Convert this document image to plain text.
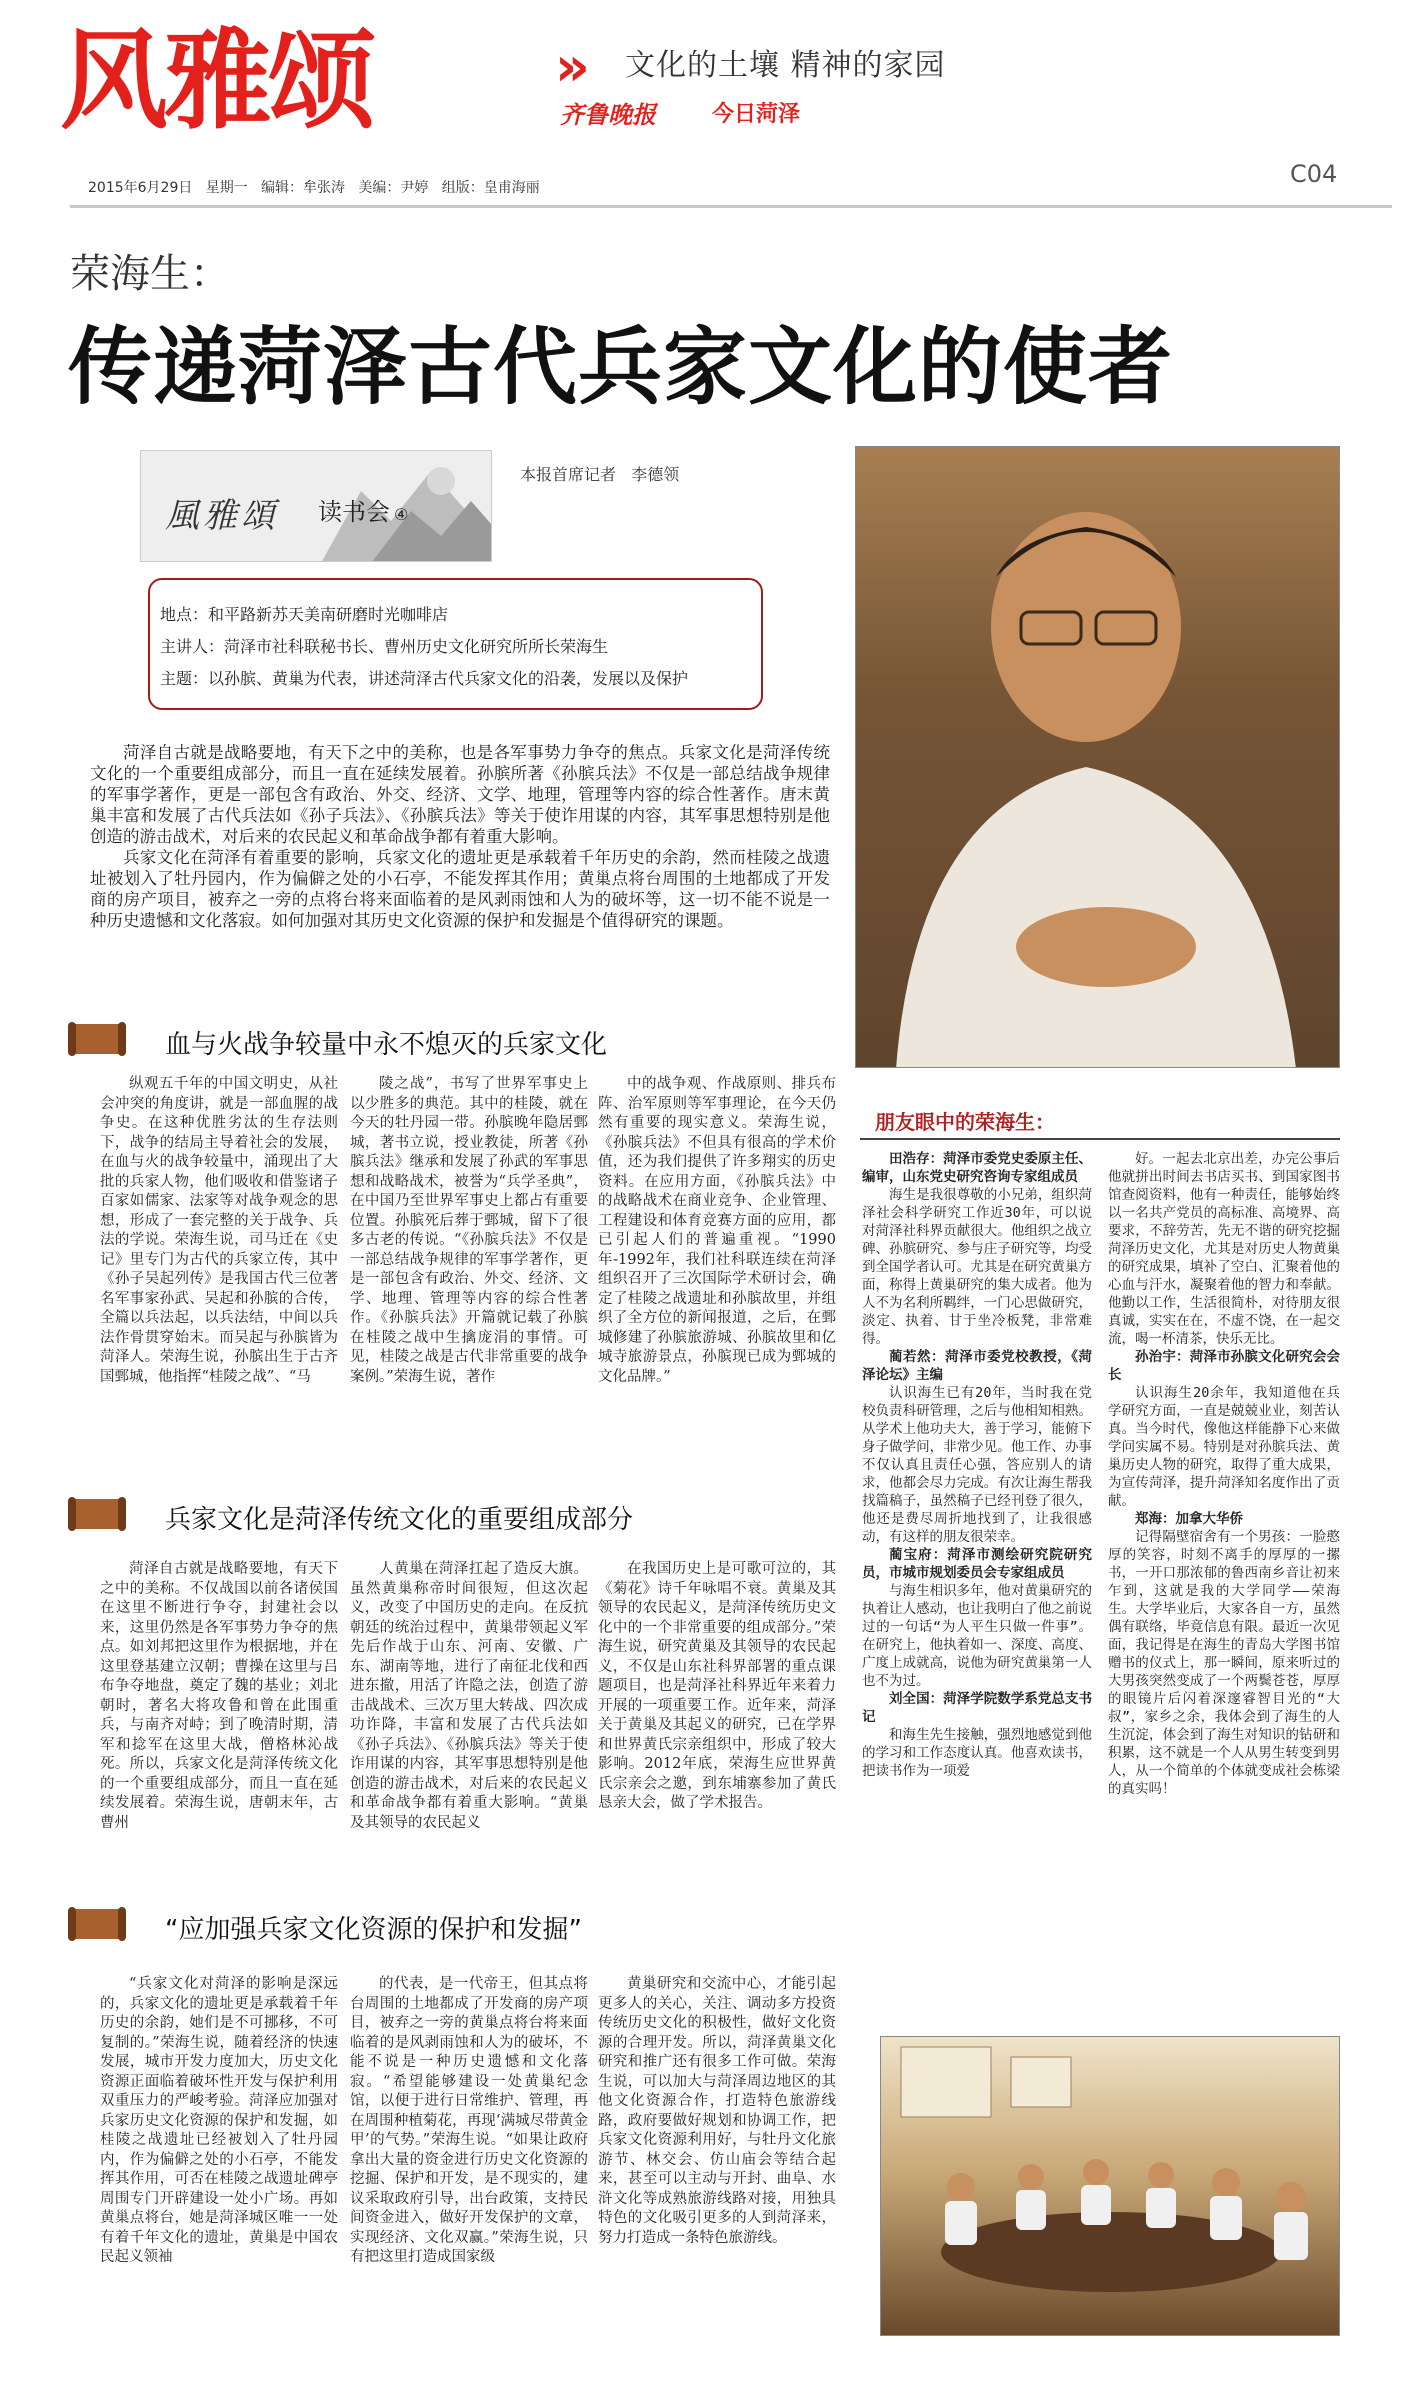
风雅颂	» 文化的土壤 精神的家园
齐鲁晚报	今日菏泽
2015年6月29日   星期一   编辑：牟张涛   美编：尹婷   组版：皇甫海丽	C04
荣海生：
传递菏泽古代兵家文化的使者
風雅頌 读书会 ④
本报首席记者   李德领
地点：和平路新苏天美南研磨时光咖啡店
主讲人：菏泽市社科联秘书长、曹州历史文化研究所所长荣海生
主题：以孙膑、黄巢为代表，讲述菏泽古代兵家文化的沿袭，发展以及保护

菏泽自古就是战略要地，有天下之中的美称，也是各军事势力争夺的焦点。兵家文化是菏泽传统文化的一个重要组成部分，而且一直在延续发展着。孙膑所著《孙膑兵法》不仅是一部总结战争规律的军事学著作，更是一部包含有政治、外交、经济、文学、地理，管理等内容的综合性著作。唐末黄巢丰富和发展了古代兵法如《孙子兵法》、《孙膑兵法》等关于使诈用谋的内容，其军事思想特别是他创造的游击战术，对后来的农民起义和革命战争都有着重大影响。

兵家文化在菏泽有着重要的影响，兵家文化的遗址更是承载着千年历史的余韵，然而桂陵之战遗址被划入了牡丹园内，作为偏僻之处的小石亭，不能发挥其作用；黄巢点将台周围的土地都成了开发商的房产项目，被弃之一旁的点将台将来面临着的是风剥雨蚀和人为的破坏等，这一切不能不说是一种历史遗憾和文化落寂。如何加强对其历史文化资源的保护和发掘是个值得研究的课题。

血与火战争较量中永不熄灭的兵家文化

纵观五千年的中国文明史，从社会冲突的角度讲，就是一部血腥的战争史。在这种优胜劣汰的生存法则下，战争的结局主导着社会的发展，在血与火的战争较量中，涌现出了大批的兵家人物，他们吸收和借鉴诸子百家如儒家、法家等对战争观念的思想，形成了一套完整的关于战争、兵法的学说。荣海生说，司马迁在《史记》里专门为古代的兵家立传，其中《孙子吴起列传》是我国古代三位著名军事家孙武、吴起和孙膑的合传，全篇以兵法起，以兵法结，中间以兵法作骨贯穿始末。而吴起与孙膑皆为菏泽人。荣海生说，孙膑出生于古齐国鄄城，他指挥“桂陵之战”、“马

陵之战”，书写了世界军事史上以少胜多的典范。其中的桂陵，就在今天的牡丹园一带。孙膑晚年隐居鄄城，著书立说，授业教徒，所著《孙膑兵法》继承和发展了孙武的军事思想和战略战术，被誉为“兵学圣典”，在中国乃至世界军事史上都占有重要位置。孙膑死后葬于鄄城，留下了很多古老的传说。“《孙膑兵法》不仅是一部总结战争规律的军事学著作，更是一部包含有政治、外交、经济、文学、地理、管理等内容的综合性著作。《孙膑兵法》开篇就记载了孙膑在桂陵之战中生擒庞涓的事情。可见，桂陵之战是古代非常重要的战争案例。”荣海生说，著作

中的战争观、作战原则、排兵布阵、治军原则等军事理论，在今天仍然有重要的现实意义。荣海生说，《孙膑兵法》不但具有很高的学术价值，还为我们提供了许多翔实的历史资料。在应用方面，《孙膑兵法》中的战略战术在商业竞争、企业管理、工程建设和体育竞赛方面的应用，都已引起人们的普遍重视。“1990年-1992年，我们社科联连续在菏泽组织召开了三次国际学术研讨会，确定了桂陵之战遗址和孙膑故里，并组织了全方位的新闻报道，之后，在鄄城修建了孙膑旅游城、孙膑故里和亿城寺旅游景点，孙膑现已成为鄄城的文化品牌。”

兵家文化是菏泽传统文化的重要组成部分

菏泽自古就是战略要地，有天下之中的美称。不仅战国以前各诸侯国在这里不断进行争夺，封建社会以来，这里仍然是各军事势力争夺的焦点。如刘邦把这里作为根据地，并在这里登基建立汉朝；曹操在这里与吕布争夺地盘，奠定了魏的基业；刘北朝时，著名大将攻鲁和曾在此围重兵，与南齐对峙；到了晚清时期，清军和捻军在这里大战，僧格林沁战死。所以，兵家文化是菏泽传统文化的一个重要组成部分，而且一直在延续发展着。荣海生说，唐朝末年，古曹州

人黄巢在菏泽扛起了造反大旗。虽然黄巢称帝时间很短，但这次起义，改变了中国历史的走向。在反抗朝廷的统治过程中，黄巢带领起义军先后作战于山东、河南、安徽、广东、湖南等地，进行了南征北伐和西进东撤，用活了许隐之法，创造了游击战战术、三次万里大转战、四次成功诈降，丰富和发展了古代兵法如《孙子兵法》、《孙膑兵法》等关于使诈用谋的内容，其军事思想特别是他创造的游击战术，对后来的农民起义和革命战争都有着重大影响。“黄巢及其领导的农民起义

在我国历史上是可歌可泣的，其《菊花》诗千年咏唱不衰。黄巢及其领导的农民起义，是菏泽传统历史文化中的一个非常重要的组成部分。”荣海生说，研究黄巢及其领导的农民起义，不仅是山东社科界部署的重点课题项目，也是菏泽社科界近年来着力开展的一项重要工作。近年来，菏泽关于黄巢及其起义的研究，已在学界和世界黄氏宗亲组织中，形成了较大影响。2012年底，荣海生应世界黄氏宗亲会之邀，到东埔寨参加了黄氏恳亲大会，做了学术报告。

“应加强兵家文化资源的保护和发掘”

“兵家文化对菏泽的影响是深远的，兵家文化的遗址更是承载着千年历史的余韵，她们是不可挪移，不可复制的。”荣海生说，随着经济的快速发展，城市开发力度加大，历史文化资源正面临着破坏性开发与保护利用双重压力的严峻考验。菏泽应加强对兵家历史文化资源的保护和发掘，如桂陵之战遗址已经被划入了牡丹园内，作为偏僻之处的小石亭，不能发挥其作用，可否在桂陵之战遗址碑亭周围专门开辟建设一处小广场。再如黄巢点将台，她是菏泽城区唯一一处有着千年文化的遗址，黄巢是中国农民起义领袖

的代表，是一代帝王，但其点将台周围的土地都成了开发商的房产项目，被弃之一旁的黄巢点将台将来面临着的是风剥雨蚀和人为的破坏，不能不说是一种历史遗憾和文化落寂。“希望能够建设一处黄巢纪念馆，以便于进行日常维护、管理，再在周围种植菊花，再现‘满城尽带黄金甲’的气势。”荣海生说。“如果让政府拿出大量的资金进行历史文化资源的挖掘、保护和开发，是不现实的，建议采取政府引导，出台政策，支持民间资金进入，做好开发保护的文章，实现经济、文化双赢。”荣海生说，只有把这里打造成国家级

黄巢研究和交流中心，才能引起更多人的关心，关注、调动多方投资传统历史文化的积极性，做好文化资源的合理开发。所以，菏泽黄巢文化研究和推广还有很多工作可做。荣海生说，可以加大与菏泽周边地区的其他文化资源合作，打造特色旅游线路，政府要做好规划和协调工作，把兵家文化资源利用好，与牡丹文化旅游节、林交会、仿山庙会等结合起来，甚至可以主动与开封、曲阜、水浒文化等成熟旅游线路对接，用独具特色的文化吸引更多的人到菏泽来，努力打造成一条特色旅游线。

朋友眼中的荣海生：
田浩存：菏泽市委党史委原主任、编审，山东党史研究咨询专家组成员
海生是我很尊敬的小兄弟，组织菏泽社会科学研究工作近30年，可以说对菏泽社科界贡献很大。他组织之战立碑、孙膑研究、参与庄子研究等，均受到全国学者认可。尤其是在研究黄巢方面，称得上黄巢研究的集大成者。他为人不为名利所羁绊，一门心思做研究，淡定、执着、甘于坐冷板凳，非常难得。
蔺若然：菏泽市委党校教授，《菏泽论坛》主编
认识海生已有20年，当时我在党校负责科研管理，之后与他相知相熟。从学术上他功夫大，善于学习，能俯下身子做学问，非常少见。他工作、办事不仅认真且责任心强，答应别人的请求，他都会尽力完成。有次让海生帮我找篇稿子，虽然稿子已经刊登了很久，他还是费尽周折地找到了，让我很感动，有这样的朋友很荣幸。
蔺宝府：菏泽市测绘研究院研究员，市城市规划委员会专家组成员
与海生相识多年，他对黄巢研究的执着让人感动，也让我明白了他之前说过的一句话“为人平生只做一件事”。在研究上，他执着如一、深度、高度、广度上成就高，说他为研究黄巢第一人也不为过。
刘全国：菏泽学院数学系党总支书记
和海生先生接触，强烈地感觉到他的学习和工作态度认真。他喜欢读书，把读书作为一项爱
好。一起去北京出差，办完公事后他就拼出时间去书店买书、到国家图书馆查阅资料，他有一种责任，能够始终以一名共产党员的高标准、高境界、高要求，不辞劳苦，先无不谐的研究挖掘菏泽历史文化，尤其是对历史人物黄巢的研究成果，填补了空白、汇聚着他的心血与汗水，凝聚着他的智力和奉献。他勤以工作，生活很简朴，对待朋友很真诚，实实在在，不虚不饶，在一起交流，喝一杯清茶，快乐无比。
孙治宇：菏泽市孙膑文化研究会会长
认识海生20余年，我知道他在兵学研究方面，一直是兢兢业业，刻苦认真。当今时代，像他这样能静下心来做学问实属不易。特别是对孙膑兵法、黄巢历史人物的研究，取得了重大成果，为宣传菏泽，提升菏泽知名度作出了贡献。
郑海：加拿大华侨
记得隔壁宿舍有一个男孩：一脸憨厚的笑容，时刻不离手的厚厚的一摞书，一开口那浓郁的鲁西南乡音让初来乍到，这就是我的大学同学——荣海生。大学毕业后，大家各自一方，虽然偶有联络，毕竟信息有限。最近一次见面，我记得是在海生的青岛大学图书馆赠书的仪式上，那一瞬间，原来听过的大男孩突然变成了一个两鬓苍苍，厚厚的眼镜片后闪着深邃睿智目光的“大叔”，家乡之余，我体会到了海生的人生沉淀，体会到了海生对知识的钻研和积累，这不就是一个人从男生转变到男人，从一个简单的个体就变成社会栋梁的真实吗！
